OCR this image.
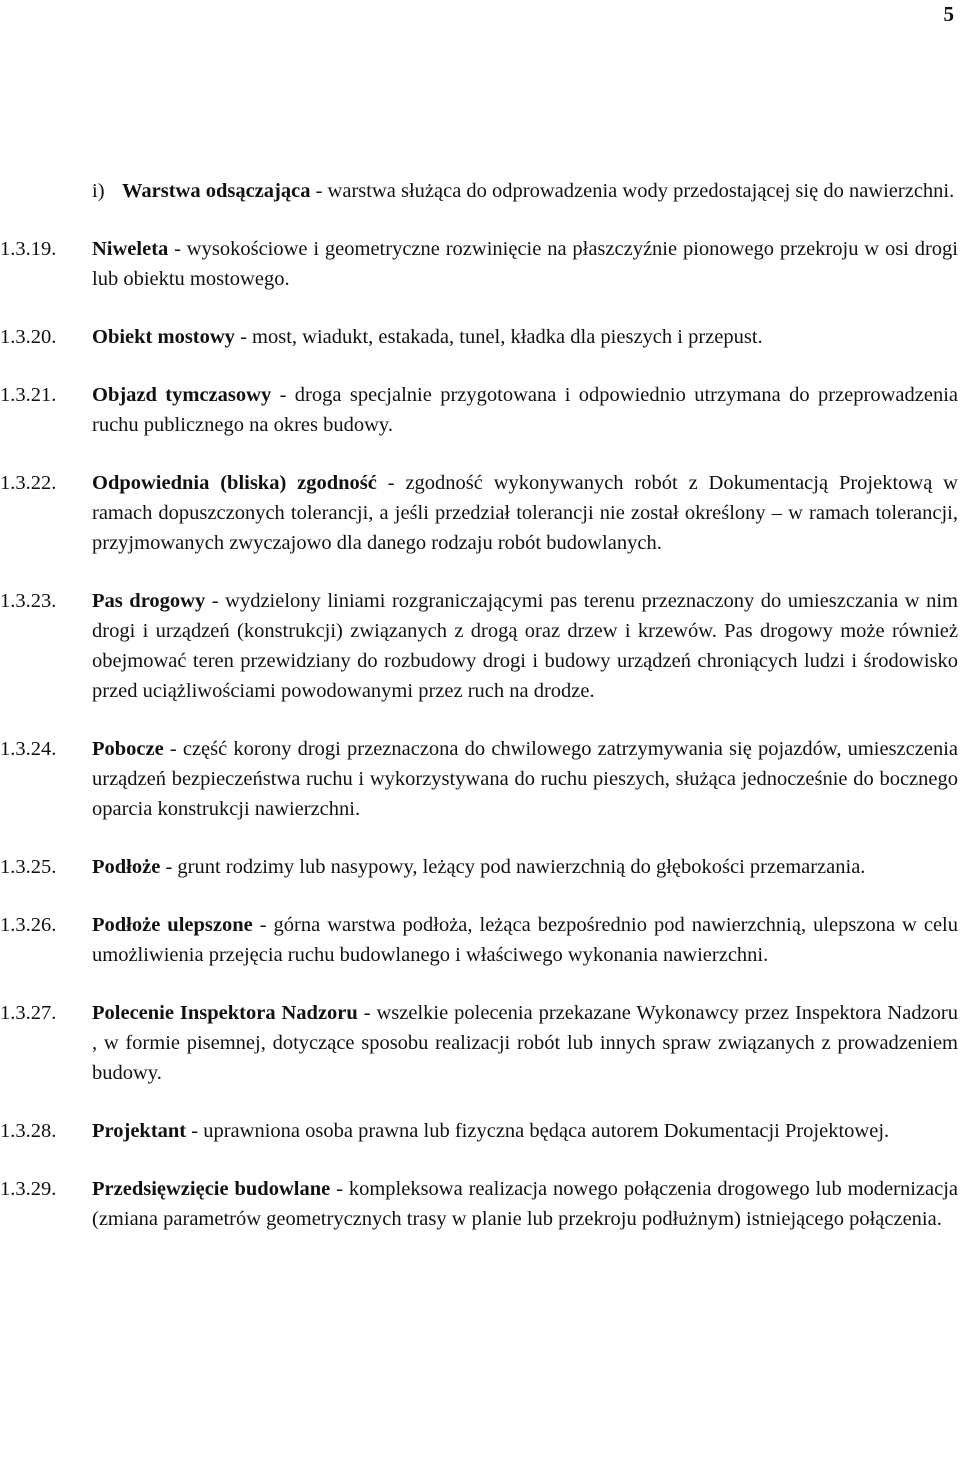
5
i) Warstwa odsączająca - warstwa służąca do odprowadzenia wody przedostającej się do nawierzchni.
1.3.19.	Niweleta - wysokościowe i geometryczne rozwinięcie na płaszczyźnie pionowego przekroju w osi drogi lub obiektu mostowego.
1.3.20.	Obiekt mostowy - most, wiadukt, estakada, tunel, kładka dla pieszych i przepust.
1.3.21.	Objazd tymczasowy - droga specjalnie przygotowana i odpowiednio utrzymana do przeprowadzenia ruchu publicznego na okres budowy.
1.3.22.	Odpowiednia (bliska) zgodność - zgodność wykonywanych robót z Dokumentacją Projektową w ramach dopuszczonych tolerancji, a jeśli przedział tolerancji nie został określony – w ramach tolerancji, przyjmowanych zwyczajowo dla danego rodzaju robót budowlanych.
1.3.23.	Pas drogowy - wydzielony liniami rozgraniczającymi pas terenu przeznaczony do umieszczania w nim drogi i urządzeń (konstrukcji) związanych z drogą oraz drzew i krzewów. Pas drogowy może również obejmować teren przewidziany do rozbudowy drogi i budowy urządzeń chroniących ludzi i środowisko przed uciążliwościami powodowanymi przez ruch na drodze.
1.3.24.	Pobocze - część korony drogi przeznaczona do chwilowego zatrzymywania się pojazdów, umieszczenia urządzeń bezpieczeństwa ruchu i wykorzystywana do ruchu pieszych, służąca jednocześnie do bocznego oparcia konstrukcji nawierzchni.
1.3.25.	Podłoże - grunt rodzimy lub nasypowy, leżący pod nawierzchnią do głębokości przemarzania.
1.3.26.	Podłoże ulepszone - górna warstwa podłoża, leżąca bezpośrednio pod nawierzchnią, ulepszona w celu umożliwienia przejęcia ruchu budowlanego i właściwego wykonania nawierzchni.
1.3.27.	Polecenie Inspektora Nadzoru - wszelkie polecenia przekazane Wykonawcy przez Inspektora Nadzoru , w formie pisemnej, dotyczące sposobu realizacji robót lub innych spraw związanych z prowadzeniem budowy.
1.3.28.	Projektant - uprawniona osoba prawna lub fizyczna będąca autorem Dokumentacji Projektowej.
1.3.29.	Przedsięwzięcie budowlane - kompleksowa realizacja nowego połączenia drogowego lub modernizacja (zmiana parametrów geometrycznych trasy w planie lub przekroju podłużnym) istniejącego połączenia.
